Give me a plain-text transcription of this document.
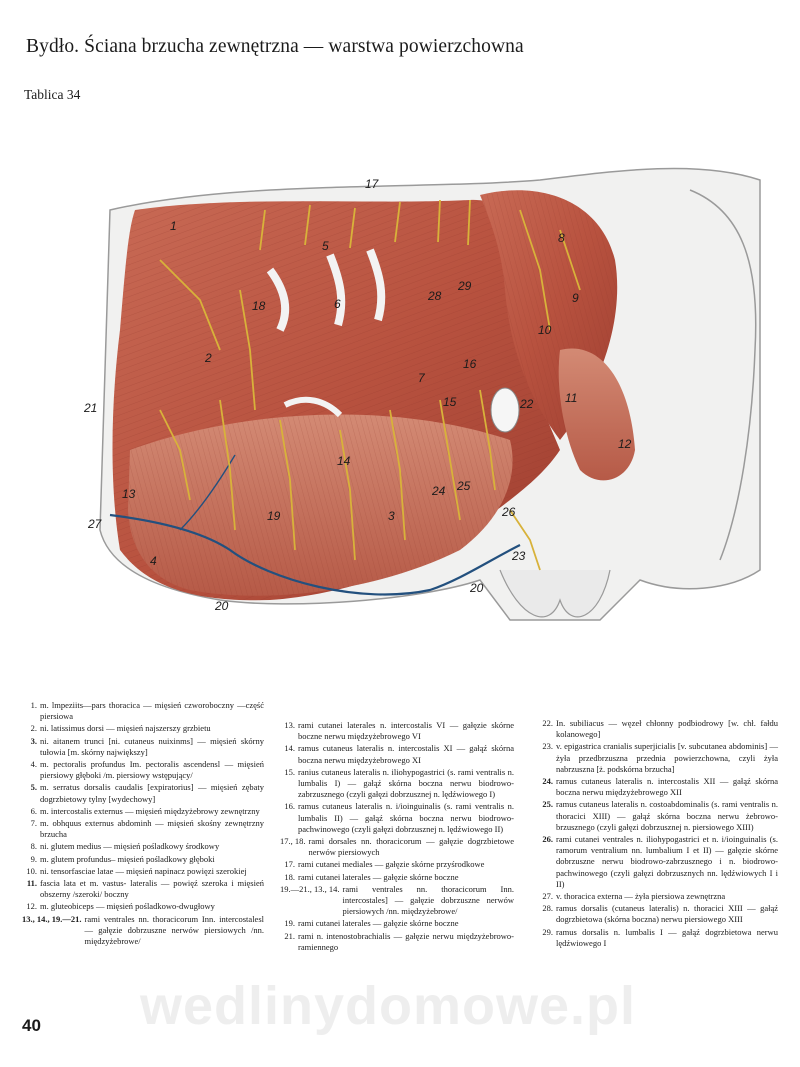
Bydło. Ściana brzucha zewnętrzna — warstwa powierzchowna
Tablica 34
17
1
5
8
18	6
28
29
9
2
10
16
7
21	15	22	11
12
14
24 25
13
19	3	26
27
23
4
20
20
1. m. lmpeziits—pars thoracica — mięsień czworoboczny —część piersiowa
2. ni. latissimus dorsi — mięsień najszerszy grzbietu
3. ni. aitanem trunci [ni. cutaneus nuixinms] — mięsień skórny tułowia [m. skórny największy]
4. m. pectoralis profundus Im. pectoralis ascendensl — mięsień piersiowy głęboki /m. piersiowy wstępujący/
5. m. serratus dorsalis caudalis [expiratorius] — mięsień zębaty dogrzbietowy tylny [wydechowy]
6. m. intercostalis externus — mięsień międzyżebrowy zewnętrzny
7. m. obhquus externus abdominh — mięsień skośny zewnętrzny brzucha
8. ni. glutem medius — mięsień pośladkowy środkowy
9. m. glutem profundus– mięsień pośladkowy głęboki
10. ni. tensorfasciae latae — mięsień napinacz powięzi szerokiej
11. fascia lata et m. vastus- lateralis — powięź szeroka i mięsień obszerny /szeroki/ boczny
12. m. gluteobiceps — mięsień pośladkowo-dwugłowy
13., 14., 19.—21. rami ventrales nn. thoracicorum Inn. intercostalesl — gałęzie dobrzuszne nerwów piersiowych /nn. międzyżebrowe/
13. rami cutanei laterales n. intercostalis VI — gałęzie skórne boczne nerwu międzyżebrowego VI
14. ramus cutaneus lateralis n. intercostalis XI — gałąź skórna boczna nerwu międzyżebrowego XI
15. ranius cutaneus lateralis n. iliohypogastrici (s. rami ventralis n. lumbalis I) — gałąź skórna boczna nerwu biodrowo-zabrzusznego (czyli gałęzi dobrzusznej n. lędźwiowego I)
16. ramus cutaneus lateralis n. i/ioinguinalis (s. rami ventralis n. lumbalis II) — gałąź skórna boczna nerwu biodrowo-pachwinowego (czyli gałęzi dobrzusznej n. lędźwiowego II)
17., 18. rami dorsales nn. thoracicorum — gałęzie dogrzbietowe nerwów piersiowych
17. rami cutanei mediales — gałęzie skórne przyśrodkowe
18. rami cutanei laterales — gałęzie skórne boczne
19.—21., 13., 14. rami ventrales nn. thoracicorum Inn. intercostales] — gałęzie dobrzuszne nerwów piersiowych /nn. międzyżebrowe/
19. rami cutanei laterales — gałęzie skórne boczne
21. rami n. intenostobrachialis — gałęzie nerwu międzyżebrowo-ramiennego
22. In. subiliacus — węzeł chłonny podbiodrowy [w. chł. fałdu kolanowego]
23. v. epigastrica cranialis superjicialis [v. subcutanea abdominis] — żyła przedbrzuszna przednia powierzchowna, czyli żyła nabrzuszna [ż. podskórna brzucha]
24. ramus cutaneus lateralis n. intercostalis XII — gałąź skórna boczna nerwu międzyżebrowego XII
25. ramus cutaneus lateralis n. costoabdominalis (s. rami ventralis n. thoracici XIII) — gałąź skórna boczna nerwu żebrowo-brzusznego (czyli gałęzi dobrzusznej n. piersiowego XIII)
26. rami cutanei ventrales n. iliohypogastrici et n. i/ioinguinalis (s. ramorum ventralium nn. lumbalium I et II) — gałęzie skórne dobrzuszne nerwu biodrowo-zabrzusznego i n. biodrowo-pachwinowego (czyli gałęzi dobrzusznych nn. lędźwiowych I i II)
27. v. thoracica externa — żyła piersiowa zewnętrzna
28. ramus dorsalis (cutaneus lateralis) n. thoracici XIII — gałąź dogrzbietowa (skórna boczna) nerwu piersiowego XIII
29. ramus dorsalis n. lumbalis I — gałąź dogrzbietowa nerwu lędźwiowego I
wedlinydomowe.pl
40
